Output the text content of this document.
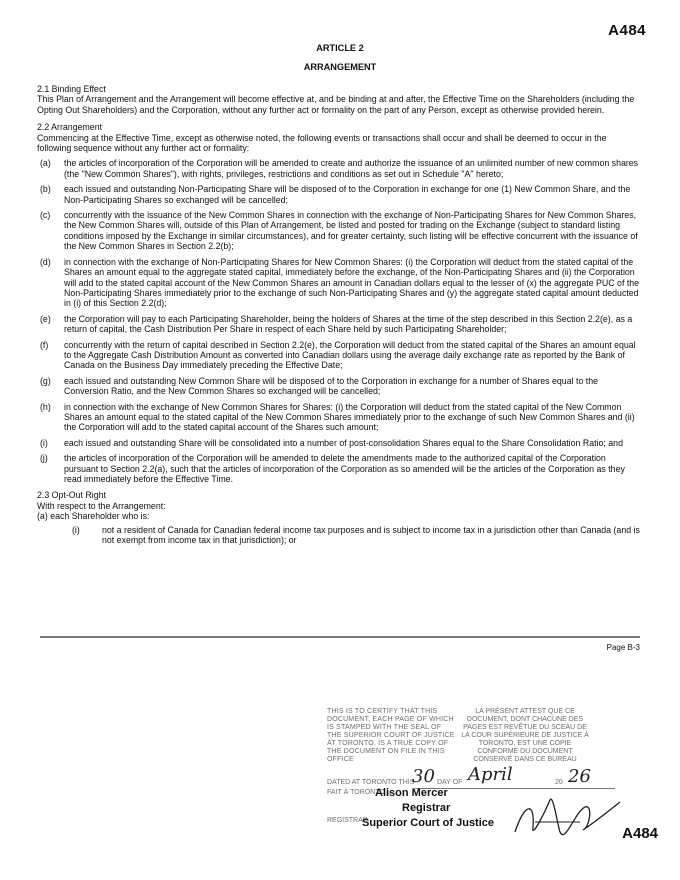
A484
ARTICLE 2
ARRANGEMENT

2.1 Binding Effect

This Plan of Arrangement and the Arrangement will become effective at, and be binding at and after, the Effective Time on the Shareholders (including the Opting Out Shareholders) and the Corporation, without any further act or formality on the part of any Person, except as otherwise provided herein.

2.2 Arrangement

Commencing at the Effective Time, except as otherwise noted, the following events or transactions shall occur and shall be deemed to occur in the following sequence without any further act or formality:

(a) the articles of incorporation of the Corporation will be amended to create and authorize the issuance of an unlimited number of new common shares (the "New Common Shares"), with rights, privileges, restrictions and conditions as set out in Schedule "A" hereto;
(b) each issued and outstanding Non-Participating Share will be disposed of to the Corporation in exchange for one (1) New Common Share, and the Non-Participating Shares so exchanged will be cancelled;
(c) concurrently with the issuance of the New Common Shares in connection with the exchange of Non-Participating Shares for New Common Shares, the New Common Shares will, outside of this Plan of Arrangement, be listed and posted for trading on the Exchange (subject to standard listing conditions imposed by the Exchange in similar circumstances), and for greater certainty, such listing will be effective concurrent with the issuance of the New Common Shares in Section 2.2(b);
(d) in connection with the exchange of Non-Participating Shares for New Common Shares: (i) the Corporation will deduct from the stated capital of the Shares an amount equal to the aggregate stated capital, immediately before the exchange, of the Non-Participating Shares and (ii) the Corporation will add to the stated capital account of the New Common Shares an amount in Canadian dollars equal to the lesser of (x) the aggregate PUC of the Non-Participating Shares immediately prior to the exchange of such Non-Participating Shares and (y) the aggregate stated capital amount deducted in (i) of this Section 2.2(d);
(e) the Corporation will pay to each Participating Shareholder, being the holders of Shares at the time of the step described in this Section 2.2(e), as a return of capital, the Cash Distribution Per Share in respect of each Share held by such Participating Shareholder;
(f) concurrently with the return of capital described in Section 2.2(e), the Corporation will deduct from the stated capital of the Shares an amount equal to the Aggregate Cash Distribution Amount as converted into Canadian dollars using the average daily exchange rate as reported by the Bank of Canada on the Business Day immediately preceding the Effective Date;
(g) each issued and outstanding New Common Share will be disposed of to the Corporation in exchange for a number of Shares equal to the Conversion Ratio, and the New Common Shares so exchanged will be cancelled;
(h) in connection with the exchange of New Common Shares for Shares: (i) the Corporation will deduct from the stated capital of the New Common Shares an amount equal to the stated capital of the New Common Shares immediately prior to the exchange of such New Common Shares and (ii) the Corporation will add to the stated capital account of the Shares such amount;
(i) each issued and outstanding Share will be consolidated into a number of post-consolidation Shares equal to the Share Consolidation Ratio; and
(j) the articles of incorporation of the Corporation will be amended to delete the amendments made to the authorized capital of the Corporation pursuant to Section 2.2(a), such that the articles of incorporation of the Corporation as so amended will be the articles of the Corporation as they read immediately before the Effective Time.

2.3 Opt-Out Right

With respect to the Arrangement:

(a) each Shareholder who is:

(i)	not a resident of Canada for Canadian federal income tax purposes and is subject to income tax in a jurisdiction other than Canada (and is not exempt from income tax in that jurisdiction); or
Page B-3
THIS IS TO CERTIFY THAT THIS DOCUMENT, EACH PAGE OF WHICH IS STAMPED WITH THE SEAL OF THE SUPERIOR COURT OF JUSTICE AT TORONTO, IS A TRUE COPY OF THE DOCUMENT ON FILE IN THIS OFFICE
LA PRÉSENT ATTEST QUE CE DOCUMENT, DONT CHACUNE DES PAGES EST REVÊTUE DU SCEAU DE LA COUR SUPÉRIEURE DE JUSTICE À TORONTO, EST UNE COPIE CONFORME DU DOCUMENT CONSERVÉ DANS CE BUREAU
DATED AT TORONTO THIS
30 DAY OF April	20 26
FAIT À TORONTO L
REGISTRAR
Alison Mercer
Registrar
Superior Court of Justice
A484
